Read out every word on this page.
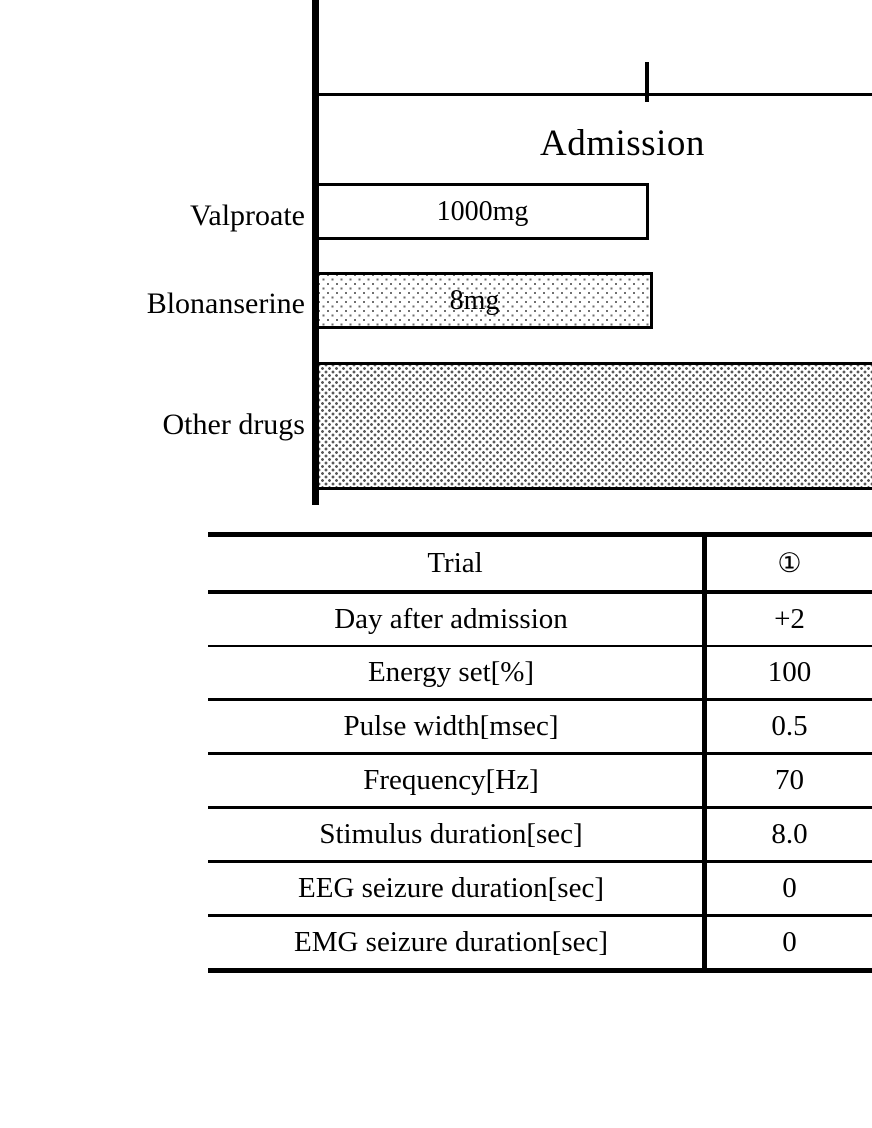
Admission
Valproate	1000mg
Blonanserine	8mg
Other drugs
Trial	①
Day after admission	+2
Energy set[%]	100
Pulse width[msec]	0.5
Frequency[Hz]	70
Stimulus duration[sec]	8.0
EEG seizure duration[sec]	0
EMG seizure duration[sec]	0
